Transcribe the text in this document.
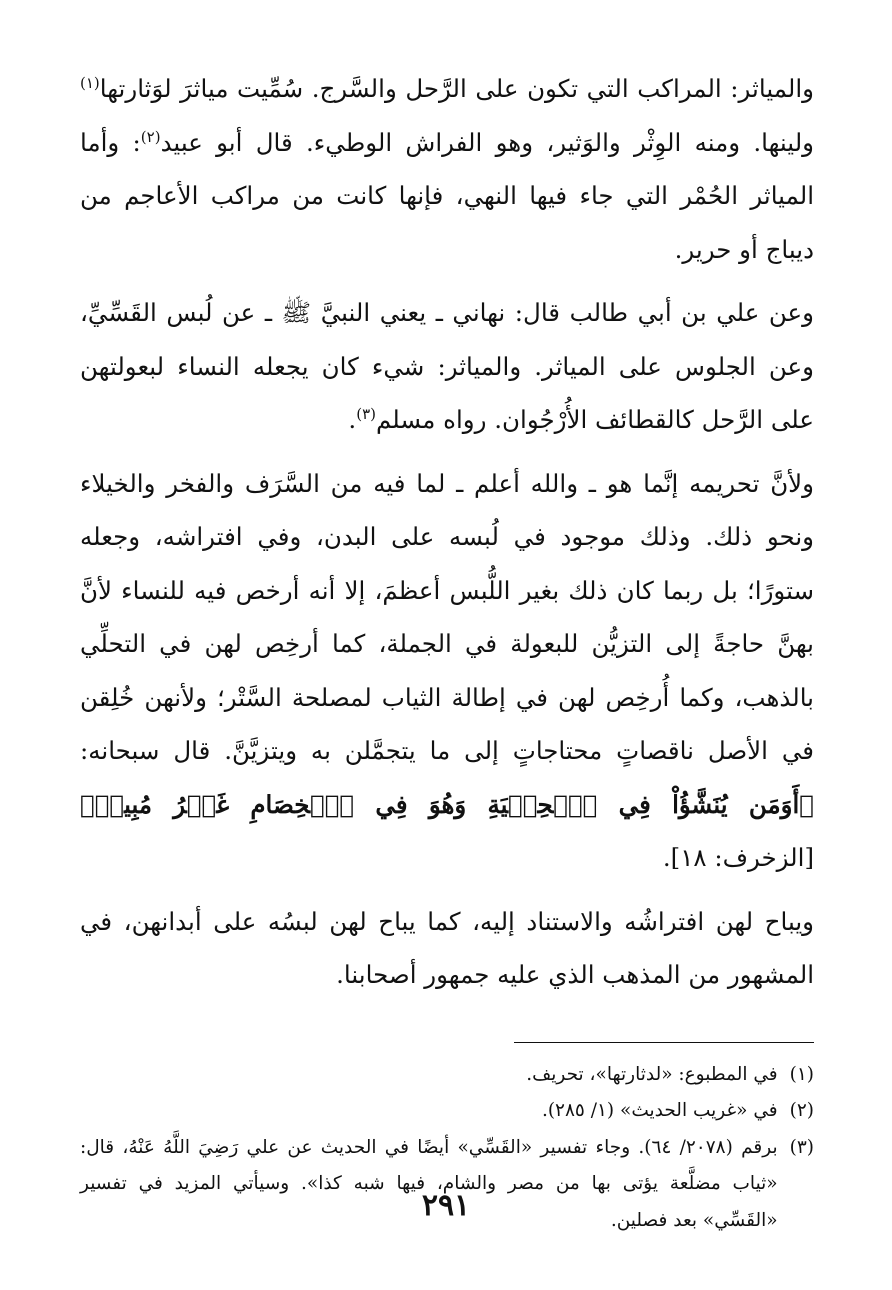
والمياثر: المراكب التي تكون على الرَّحل والسَّرج. سُمِّيت مياثرَ لوَثارتها$^{(١)}$ ولينها. ومنه الوِثْر والوَثير، وهو الفراش الوطيء. قال أبو عبيد$^{(٢)}$: وأما المياثر الحُمْر التي جاء فيها النهي، فإنها كانت من مراكب الأعاجم من ديباج أو حرير.

وعن علي بن أبي طالب قال: نهاني ـ يعني النبيَّ ﷺ ـ عن لُبس القَسِّيِّ، وعن الجلوس على المياثر. والمياثر: شيء كان يجعله النساء لبعولتهن على الرَّحل كالقطائف الأُرْجُوان. رواه مسلم$^{(٣)}$.

ولأنَّ تحريمه إنَّما هو ـ والله أعلم ـ لما فيه من السَّرَف والفخر والخيلاء ونحو ذلك. وذلك موجود في لُبسه على البدن، وفي افتراشه، وجعله ستورًا؛ بل ربما كان ذلك بغير اللُّبس أعظمَ، إلا أنه أرخص فيه للنساء لأنَّ بهنَّ حاجةً إلى التزيُّن للبعولة في الجملة، كما أرخِص لهن في التحلِّي بالذهب، وكما أُرخِص لهن في إطالة الثياب لمصلحة السَّتْر؛ ولأنهن خُلِقن في الأصل ناقصاتٍ محتاجاتٍ إلى ما يتجمَّلن به ويتزيَّنَّ. قال سبحانه: ﴿أَوَمَن يُنَشَّؤُاْ فِي ٱلۡحِلۡيَةِ وَهُوَ فِي ٱلۡخِصَامِ غَيۡرُ مُبِينٖ﴾ [الزخرف: ١٨].

ويباح لهن افتراشُه والاستناد إليه، كما يباح لهن لبسُه على أبدانهن، في المشهور من المذهب الذي عليه جمهور أصحابنا.

(١)
في المطبوع: «لدثارتها»، تحريف.
(٢)
في «غريب الحديث» (١/ ٢٨٥).
(٣)
برقم (٢٠٧٨/ ٦٤). وجاء تفسير «القَسِّي» أيضًا في الحديث عن علي رَضِيَ اللَّهُ عَنْهُ، قال: «ثياب مضلَّعة يؤتى بها من مصر والشام، فيها شبه كذا». وسيأتي المزيد في تفسير «القَسِّي» بعد فصلين.
٢٩١
